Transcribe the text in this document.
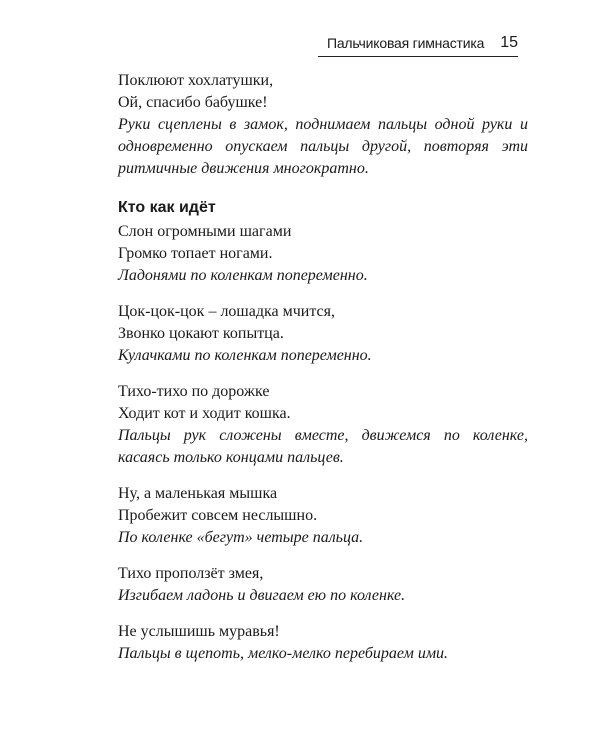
Пальчиковая гимнастика 15
Поклюют хохлатушки,
Ой, спасибо бабушке!
Руки сцеплены в замок, поднимаем пальцы одной руки и одновременно опускаем пальцы другой, повторяя эти ритмичные движения многократно.
Кто как идёт
Слон огромными шагами
Громко топает ногами.
Ладонями по коленкам попеременно.
Цок-цок-цок – лошадка мчится,
Звонко цокают копытца.
Кулачками по коленкам попеременно.
Тихо-тихо по дорожке
Ходит кот и ходит кошка.
Пальцы рук сложены вместе, движемся по коленке, касаясь только концами пальцев.
Ну, а маленькая мышка
Пробежит совсем неслышно.
По коленке «бегут» четыре пальца.
Тихо проползёт змея,
Изгибаем ладонь и двигаем ею по коленке.
Не услышишь муравья!
Пальцы в щепоть, мелко-мелко перебираем ими.
